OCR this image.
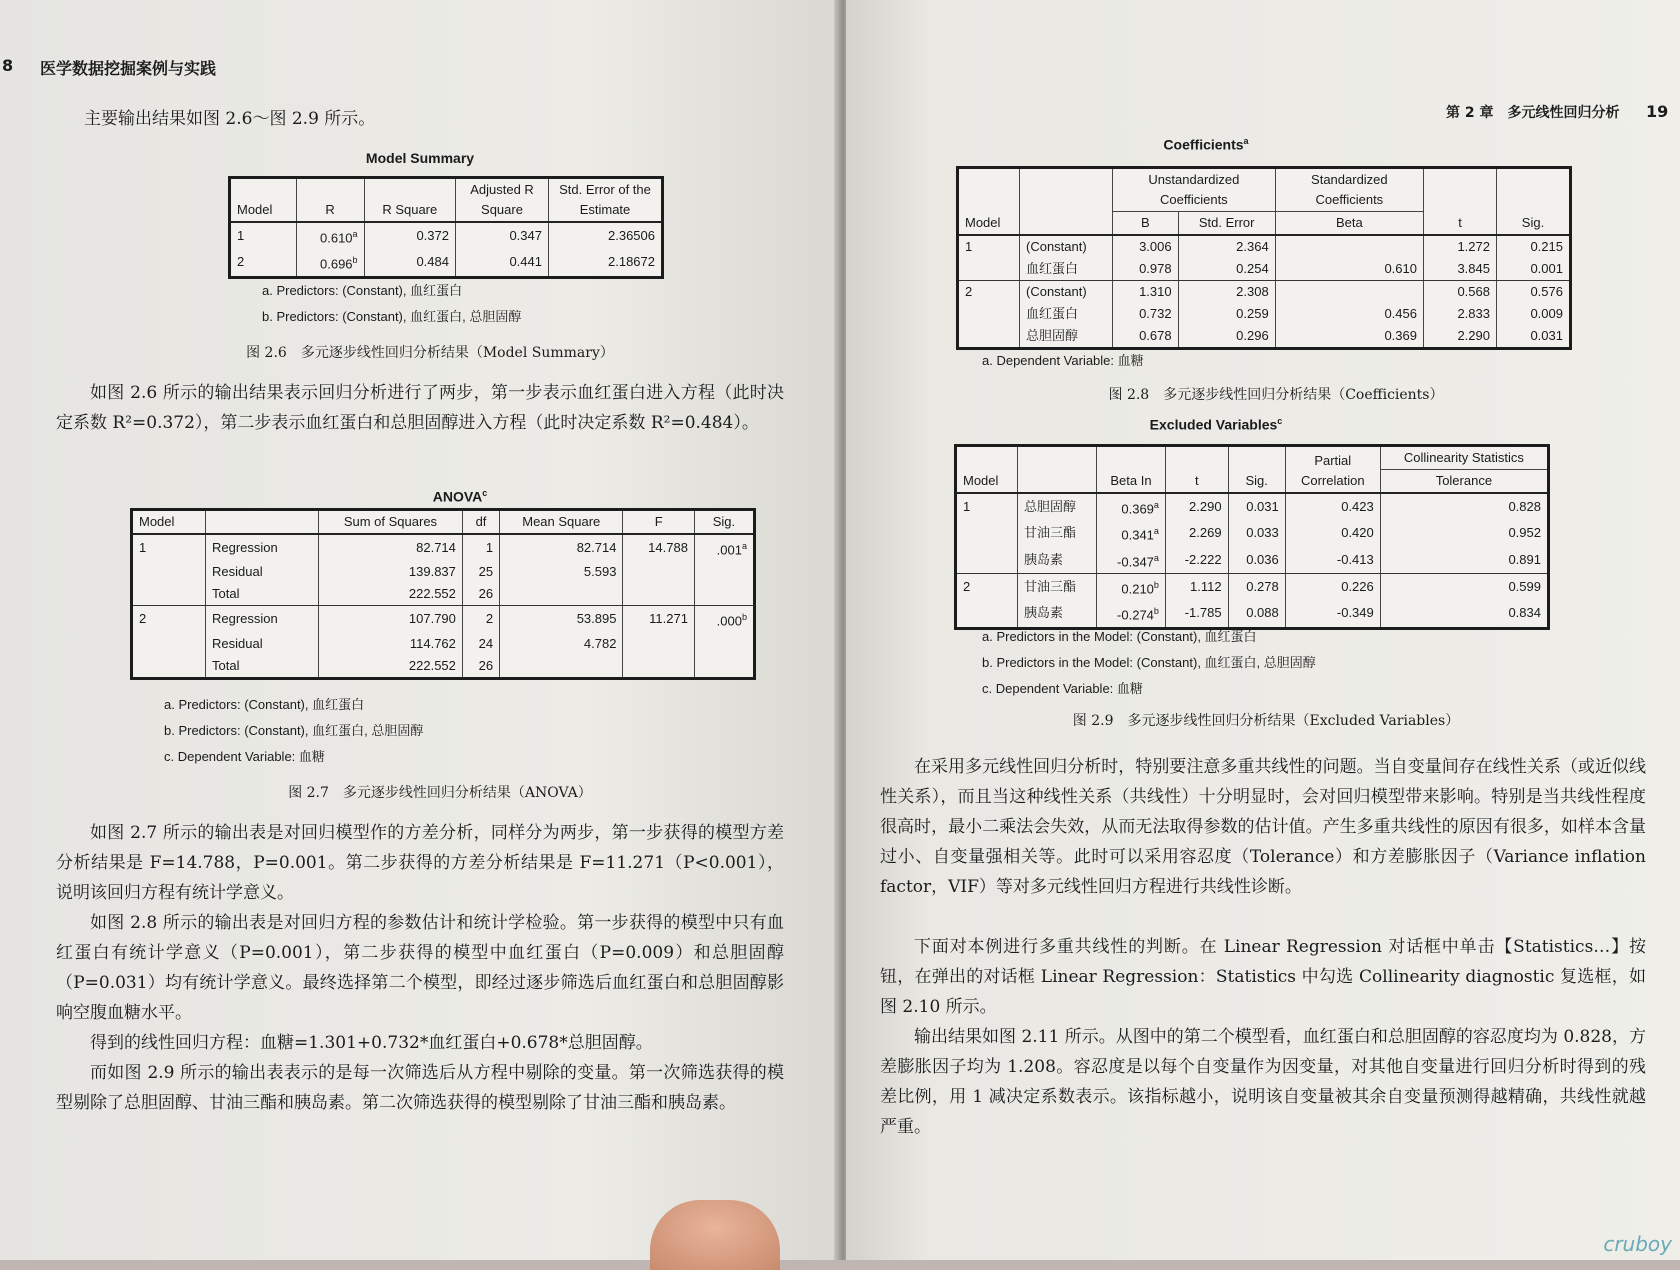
8 医学数据挖掘案例与实践

主要输出结果如图 2.6～图 2.9 所示。

Model Summary
Model	R	R Square	Adjusted R Square	Std. Error of the Estimate
1	0.610$^a$	0.372	0.347	2.36506
2	0.696$^b$	0.484	0.441	2.18672
a. Predictors: (Constant), 血红蛋白
b. Predictors: (Constant), 血红蛋白, 总胆固醇
图 2.6　多元逐步线性回归分析结果（Model Summary）

如图 2.6 所示的输出结果表示回归分析进行了两步，第一步表示血红蛋白进入方程（此时决定系数 R²=0.372），第二步表示血红蛋白和总胆固醇进入方程（此时决定系数 R²=0.484）。

ANOVA$^c$
Model		Sum of Squares	df	Mean Square	F	Sig.
1	Regression	82.714	1	82.714	14.788	.001$^a$
	Residual	139.837	25	5.593		
	Total	222.552	26			
2	Regression	107.790	2	53.895	11.271	.000$^b$
	Residual	114.762	24	4.782		
	Total	222.552	26			
a. Predictors: (Constant), 血红蛋白
b. Predictors: (Constant), 血红蛋白, 总胆固醇
c. Dependent Variable: 血糖
图 2.7　多元逐步线性回归分析结果（ANOVA）

如图 2.7 所示的输出表是对回归模型作的方差分析，同样分为两步，第一步获得的模型方差分析结果是 F=14.788，P=0.001。第二步获得的方差分析结果是 F=11.271（P<0.001），说明该回归方程有统计学意义。

如图 2.8 所示的输出表是对回归方程的参数估计和统计学检验。第一步获得的模型中只有血红蛋白有统计学意义（P=0.001），第二步获得的模型中血红蛋白（P=0.009）和总胆固醇（P=0.031）均有统计学意义。最终选择第二个模型，即经过逐步筛选后血红蛋白和总胆固醇影响空腹血糖水平。

得到的线性回归方程：血糖=1.301+0.732*血红蛋白+0.678*总胆固醇。

而如图 2.9 所示的输出表表示的是每一次筛选后从方程中剔除的变量。第一次筛选获得的模型剔除了总胆固醇、甘油三酯和胰岛素。第二次筛选获得的模型剔除了甘油三酯和胰岛素。

第 2 章　多元线性回归分析 19
Coefficients$^a$
Model		Unstandardized Coefficients		Standardized Coefficients	t	Sig.
		B	Std. Error	Beta		
1	(Constant)	3.006	2.364		1.272	0.215
	血红蛋白	0.978	0.254	0.610	3.845	0.001
2	(Constant)	1.310	2.308		0.568	0.576
	血红蛋白	0.732	0.259	0.456	2.833	0.009
	总胆固醇	0.678	0.296	0.369	2.290	0.031
a. Dependent Variable: 血糖
图 2.8　多元逐步线性回归分析结果（Coefficients）
Excluded Variables$^c$
Model		Beta In	t	Sig.	Partial Correlation	Collinearity Statistics
						Tolerance
1	总胆固醇	0.369$^a$	2.290	0.031	0.423	0.828
	甘油三酯	0.341$^a$	2.269	0.033	0.420	0.952
	胰岛素	-0.347$^a$	-2.222	0.036	-0.413	0.891
2	甘油三酯	0.210$^b$	1.112	0.278	0.226	0.599
	胰岛素	-0.274$^b$	-1.785	0.088	-0.349	0.834
a. Predictors in the Model: (Constant), 血红蛋白
b. Predictors in the Model: (Constant), 血红蛋白, 总胆固醇
c. Dependent Variable: 血糖
图 2.9　多元逐步线性回归分析结果（Excluded Variables）

在采用多元线性回归分析时，特别要注意多重共线性的问题。当自变量间存在线性关系（或近似线性关系），而且当这种线性关系（共线性）十分明显时，会对回归模型带来影响。特别是当共线性程度很高时，最小二乘法会失效，从而无法取得参数的估计值。产生多重共线性的原因有很多，如样本含量过小、自变量强相关等。此时可以采用容忍度（Tolerance）和方差膨胀因子（Variance inflation factor，VIF）等对多元线性回归方程进行共线性诊断。

下面对本例进行多重共线性的判断。在 Linear Regression 对话框中单击【Statistics…】按钮，在弹出的对话框 Linear Regression：Statistics 中勾选 Collinearity diagnostic 复选框，如图 2.10 所示。

输出结果如图 2.11 所示。从图中的第二个模型看，血红蛋白和总胆固醇的容忍度均为 0.828，方差膨胀因子均为 1.208。容忍度是以每个自变量作为因变量，对其他自变量进行回归分析时得到的残差比例，用 1 减决定系数表示。该指标越小，说明该自变量被其余自变量预测得越精确，共线性就越严重。

cruboy
